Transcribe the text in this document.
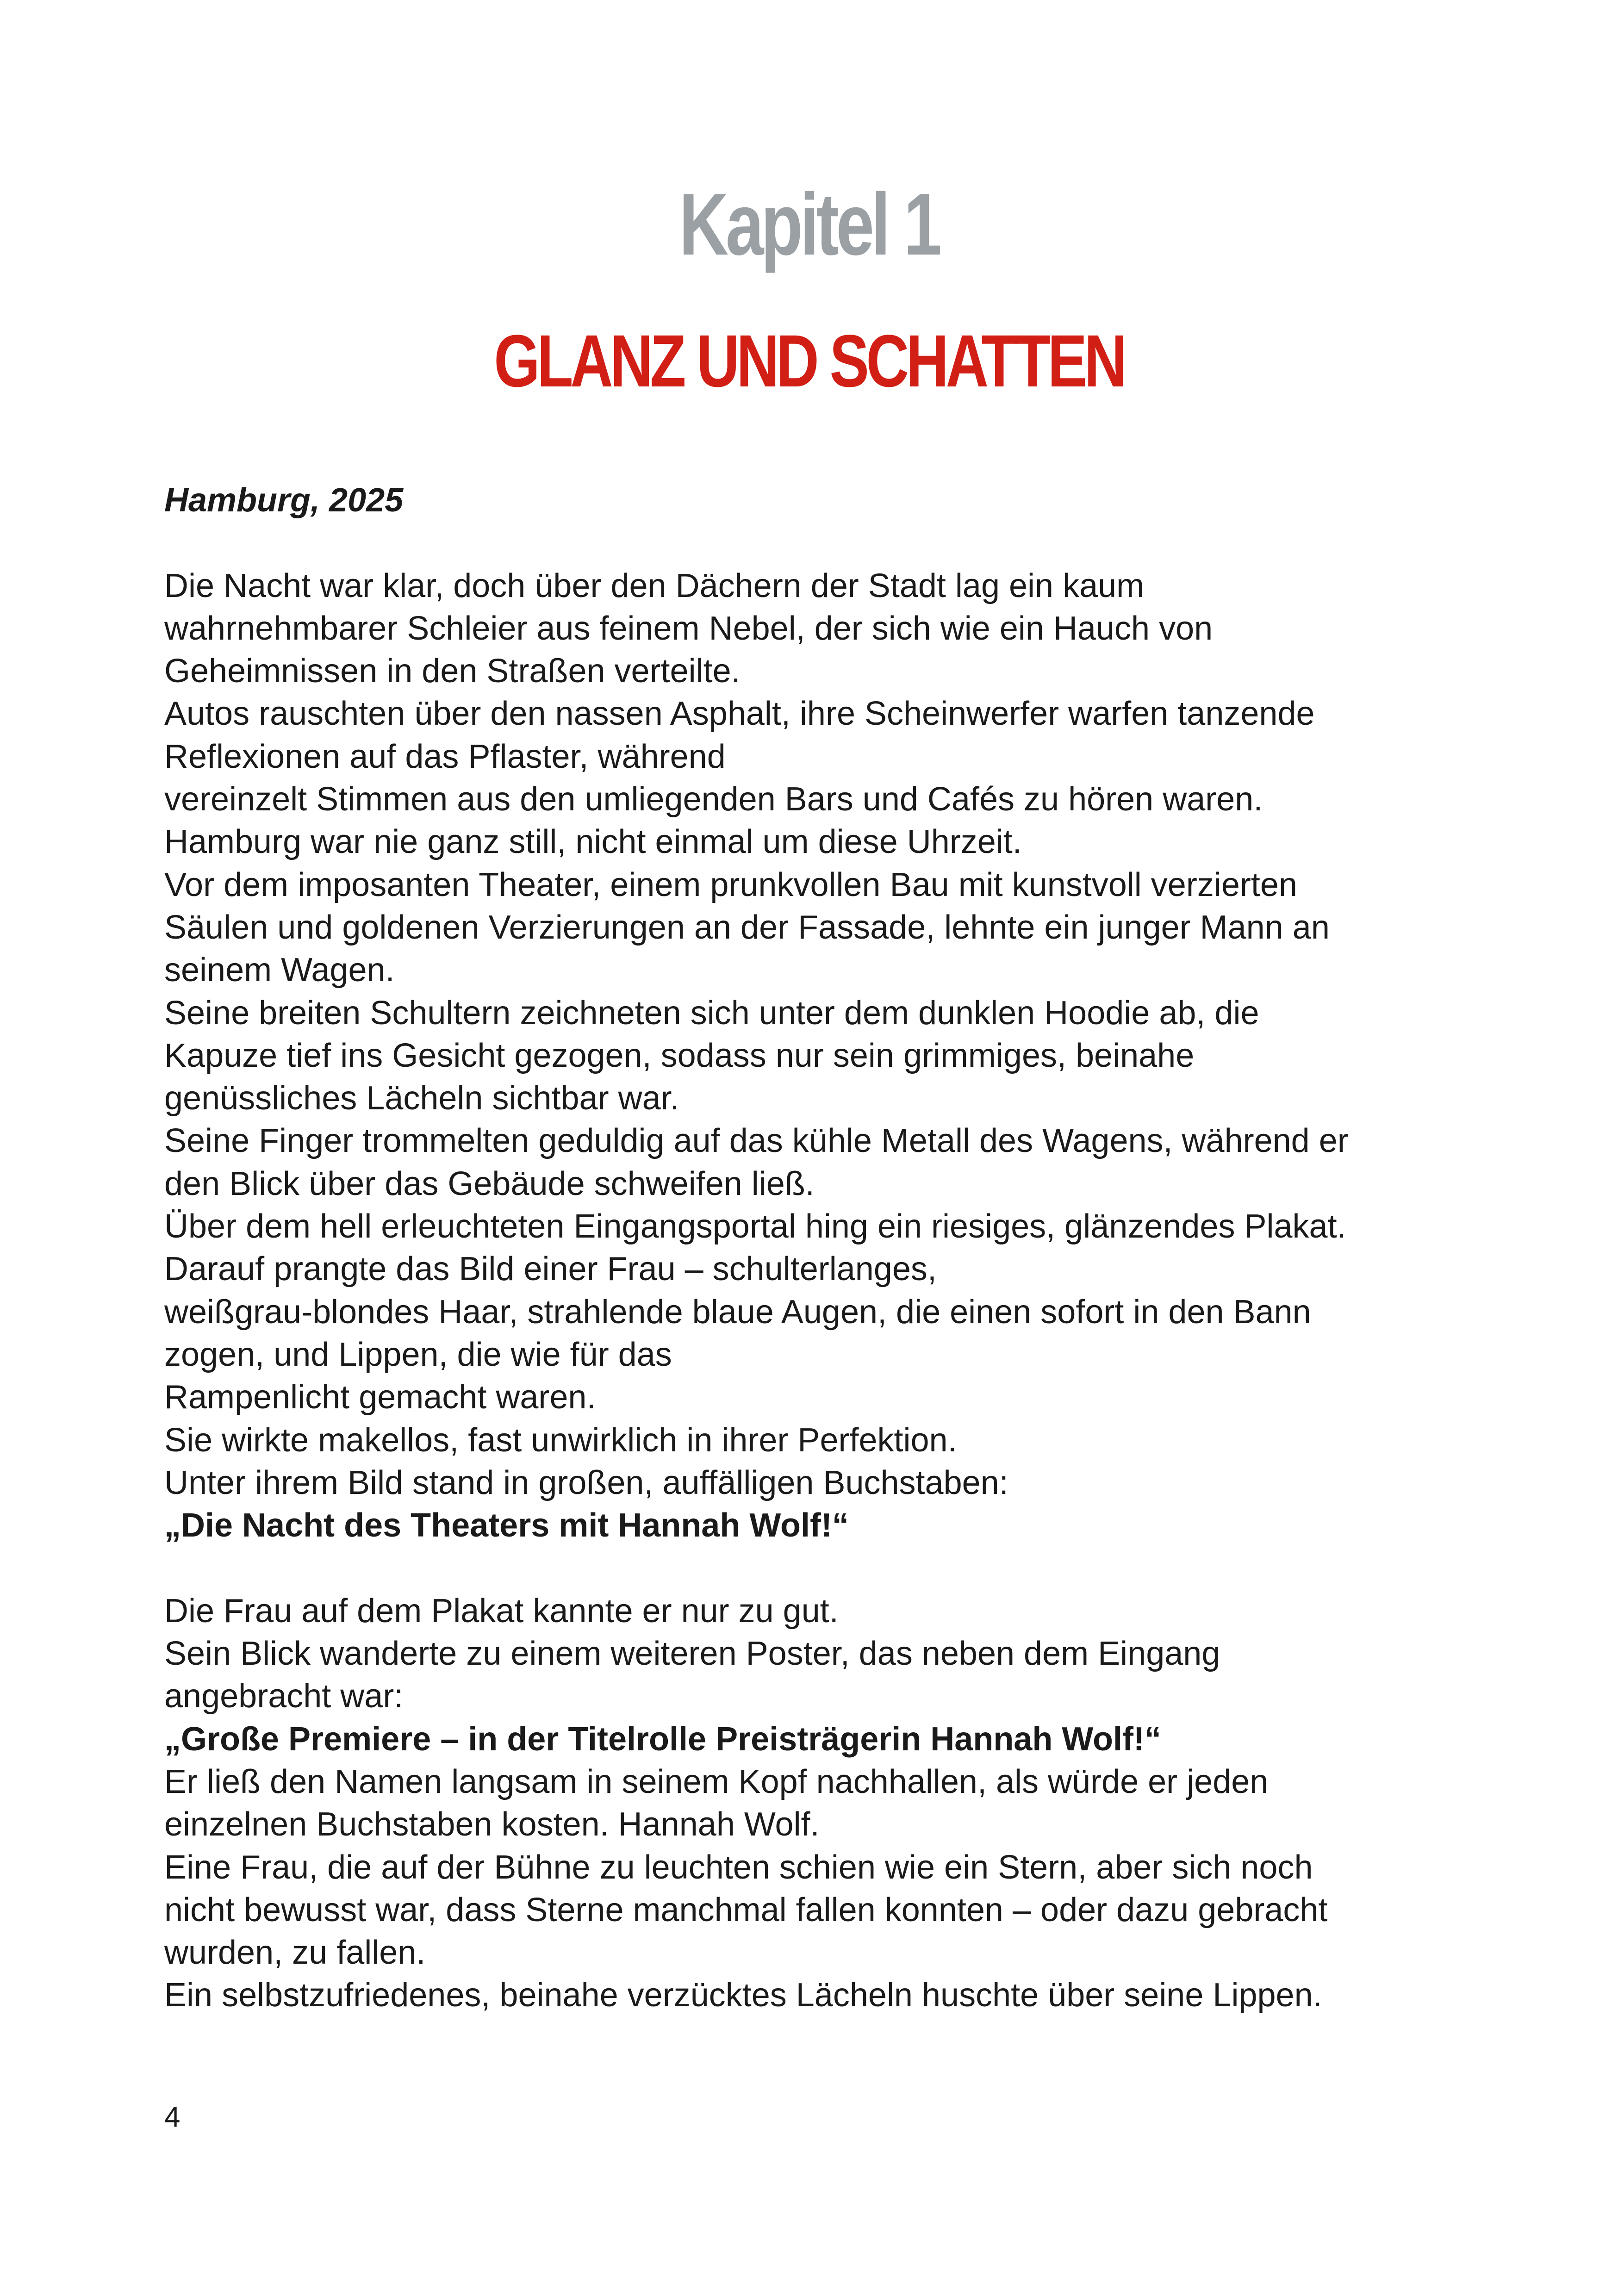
Kapitel 1
GLANZ UND SCHATTEN
Hamburg, 2025
Die Nacht war klar, doch über den Dächern der Stadt lag ein kaum
wahrnehmbarer Schleier aus feinem Nebel, der sich wie ein Hauch von
Geheimnissen in den Straßen verteilte.
Autos rauschten über den nassen Asphalt, ihre Scheinwerfer warfen tanzende
Reflexionen auf das Pflaster, während
vereinzelt Stimmen aus den umliegenden Bars und Cafés zu hören waren.
Hamburg war nie ganz still, nicht einmal um diese Uhrzeit.
Vor dem imposanten Theater, einem prunkvollen Bau mit kunstvoll verzierten
Säulen und goldenen Verzierungen an der Fassade, lehnte ein junger Mann an
seinem Wagen.
Seine breiten Schultern zeichneten sich unter dem dunklen Hoodie ab, die
Kapuze tief ins Gesicht gezogen, sodass nur sein grimmiges, beinahe
genüssliches Lächeln sichtbar war.
Seine Finger trommelten geduldig auf das kühle Metall des Wagens, während er
den Blick über das Gebäude schweifen ließ.
Über dem hell erleuchteten Eingangsportal hing ein riesiges, glänzendes Plakat.
Darauf prangte das Bild einer Frau – schulterlanges,
weißgrau-blondes Haar, strahlende blaue Augen, die einen sofort in den Bann
zogen, und Lippen, die wie für das
Rampenlicht gemacht waren.
Sie wirkte makellos, fast unwirklich in ihrer Perfektion.
Unter ihrem Bild stand in großen, auffälligen Buchstaben:
„Die Nacht des Theaters mit Hannah Wolf!“
Die Frau auf dem Plakat kannte er nur zu gut.
Sein Blick wanderte zu einem weiteren Poster, das neben dem Eingang
angebracht war:
„Große Premiere – in der Titelrolle Preisträgerin Hannah Wolf!“
Er ließ den Namen langsam in seinem Kopf nachhallen, als würde er jeden
einzelnen Buchstaben kosten. Hannah Wolf.
Eine Frau, die auf der Bühne zu leuchten schien wie ein Stern, aber sich noch
nicht bewusst war, dass Sterne manchmal fallen konnten – oder dazu gebracht
wurden, zu fallen.
Ein selbstzufriedenes, beinahe verzücktes Lächeln huschte über seine Lippen.
4
